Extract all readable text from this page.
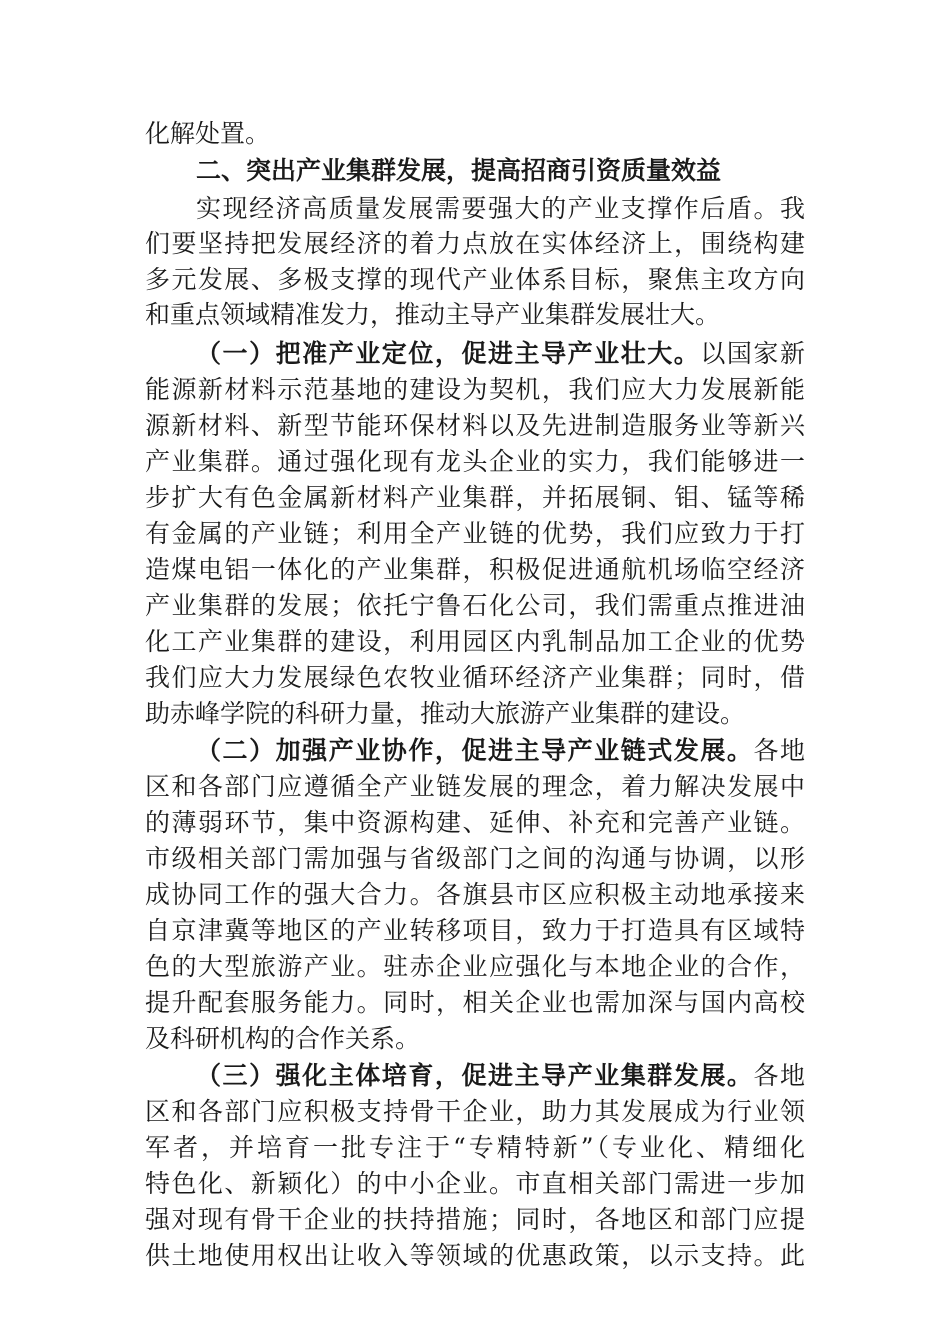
化解处置。
二、突出产业集群发展，提高招商引资质量效益
实现经济高质量发展需要强大的产业支撑作后盾。我
们要坚持把发展经济的着力点放在实体经济上，围绕构建
多元发展、多极支撑的现代产业体系目标，聚焦主攻方向
和重点领域精准发力，推动主导产业集群发展壮大。
（一）把准产业定位，促进主导产业壮大。以国家新
能源新材料示范基地的建设为契机，我们应大力发展新能
源新材料、新型节能环保材料以及先进制造服务业等新兴
产业集群。通过强化现有龙头企业的实力，我们能够进一
步扩大有色金属新材料产业集群，并拓展铜、钼、锰等稀
有金属的产业链；利用全产业链的优势，我们应致力于打
造煤电铝一体化的产业集群，积极促进通航机场临空经济
产业集群的发展；依托宁鲁石化公司，我们需重点推进油
化工产业集群的建设，利用园区内乳制品加工企业的优势
我们应大力发展绿色农牧业循环经济产业集群；同时，借
助赤峰学院的科研力量，推动大旅游产业集群的建设。
（二）加强产业协作，促进主导产业链式发展。各地
区和各部门应遵循全产业链发展的理念，着力解决发展中
的薄弱环节，集中资源构建、延伸、补充和完善产业链。
市级相关部门需加强与省级部门之间的沟通与协调，以形
成协同工作的强大合力。各旗县市区应积极主动地承接来
自京津冀等地区的产业转移项目，致力于打造具有区域特
色的大型旅游产业。驻赤企业应强化与本地企业的合作，
提升配套服务能力。同时，相关企业也需加深与国内高校
及科研机构的合作关系。
（三）强化主体培育，促进主导产业集群发展。各地
区和各部门应积极支持骨干企业，助力其发展成为行业领
军者，并培育一批专注于“专精特新”（专业化、精细化
特色化、新颖化）的中小企业。市直相关部门需进一步加
强对现有骨干企业的扶持措施；同时，各地区和部门应提
供土地使用权出让收入等领域的优惠政策，以示支持。此
